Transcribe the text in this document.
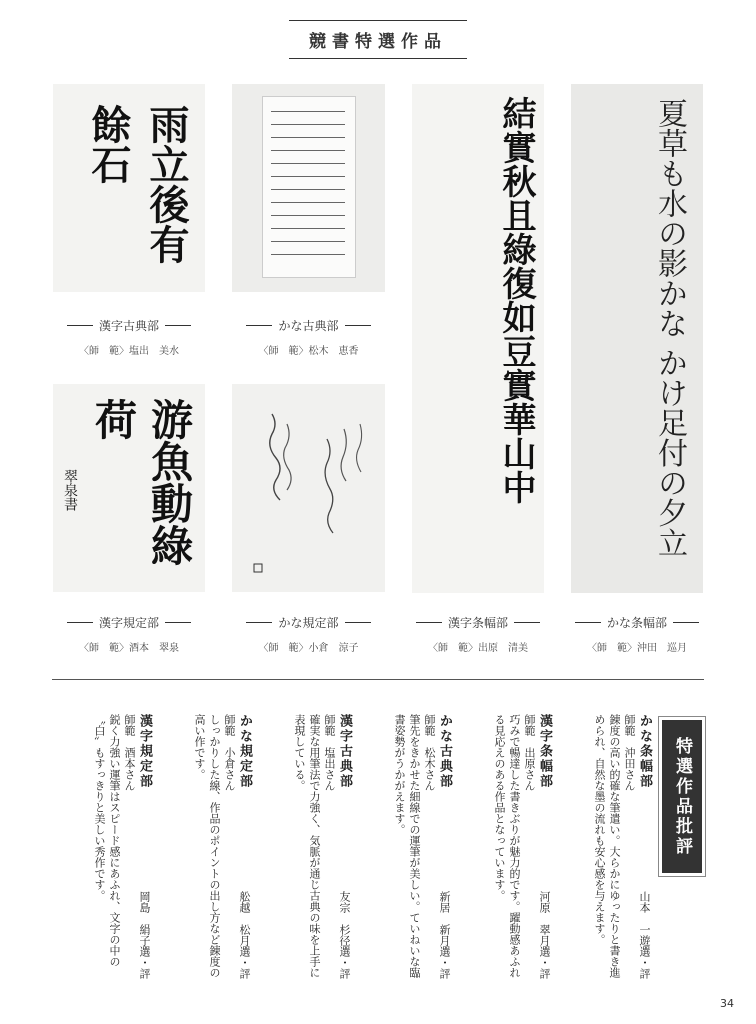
競書特選作品
雨立後有餘石
漢字古典部
〈師　範〉塩出　美水
かな古典部
〈師　範〉松木　恵香	結實秋且綠復如豆實華山中
漢字条幅部
〈師　範〉出原　清美
夏草も水の影かな かけ足付の夕立
かな条幅部
〈師　範〉沖田　巡月
游魚動綠荷
翠泉書
漢字規定部
〈師　範〉酒本　翠泉
かな規定部
〈師　範〉小倉　涼子
特選作品批評
かな条幅部
師範　沖田さん
錬度の高い的確な筆遣い。大らかにゆったりと書き進められ、自然な墨の流れも安心感を与えます。	山本　一遊選・評
漢字条幅部
師範　出原さん
巧みで暢達した書きぶりが魅力的です。躍動感あふれる見応えのある作品となっています。
河原　翠月選・評
かな古典部
師範　松木さん
筆先をきかせた細線での運筆が美しい。ていねいな臨書姿勢がうかがえます。
新居　新月選・評
漢字古典部
師範　塩出さん
確実な用筆法で力強く、気脈が通じ古典の味を上手に表現している。
友宗　杉径選・評
かな規定部
師範　小倉さん
しっかりした線、作品のポイントの出し方など錬度の高い作です。
舩越　松月選・評
漢字規定部
師範　酒本さん
鋭く力強い運筆はスピード感にあふれ、文字の中の〝白〟もすっきりと美しい秀作です。
岡島　絹子選・評
34
